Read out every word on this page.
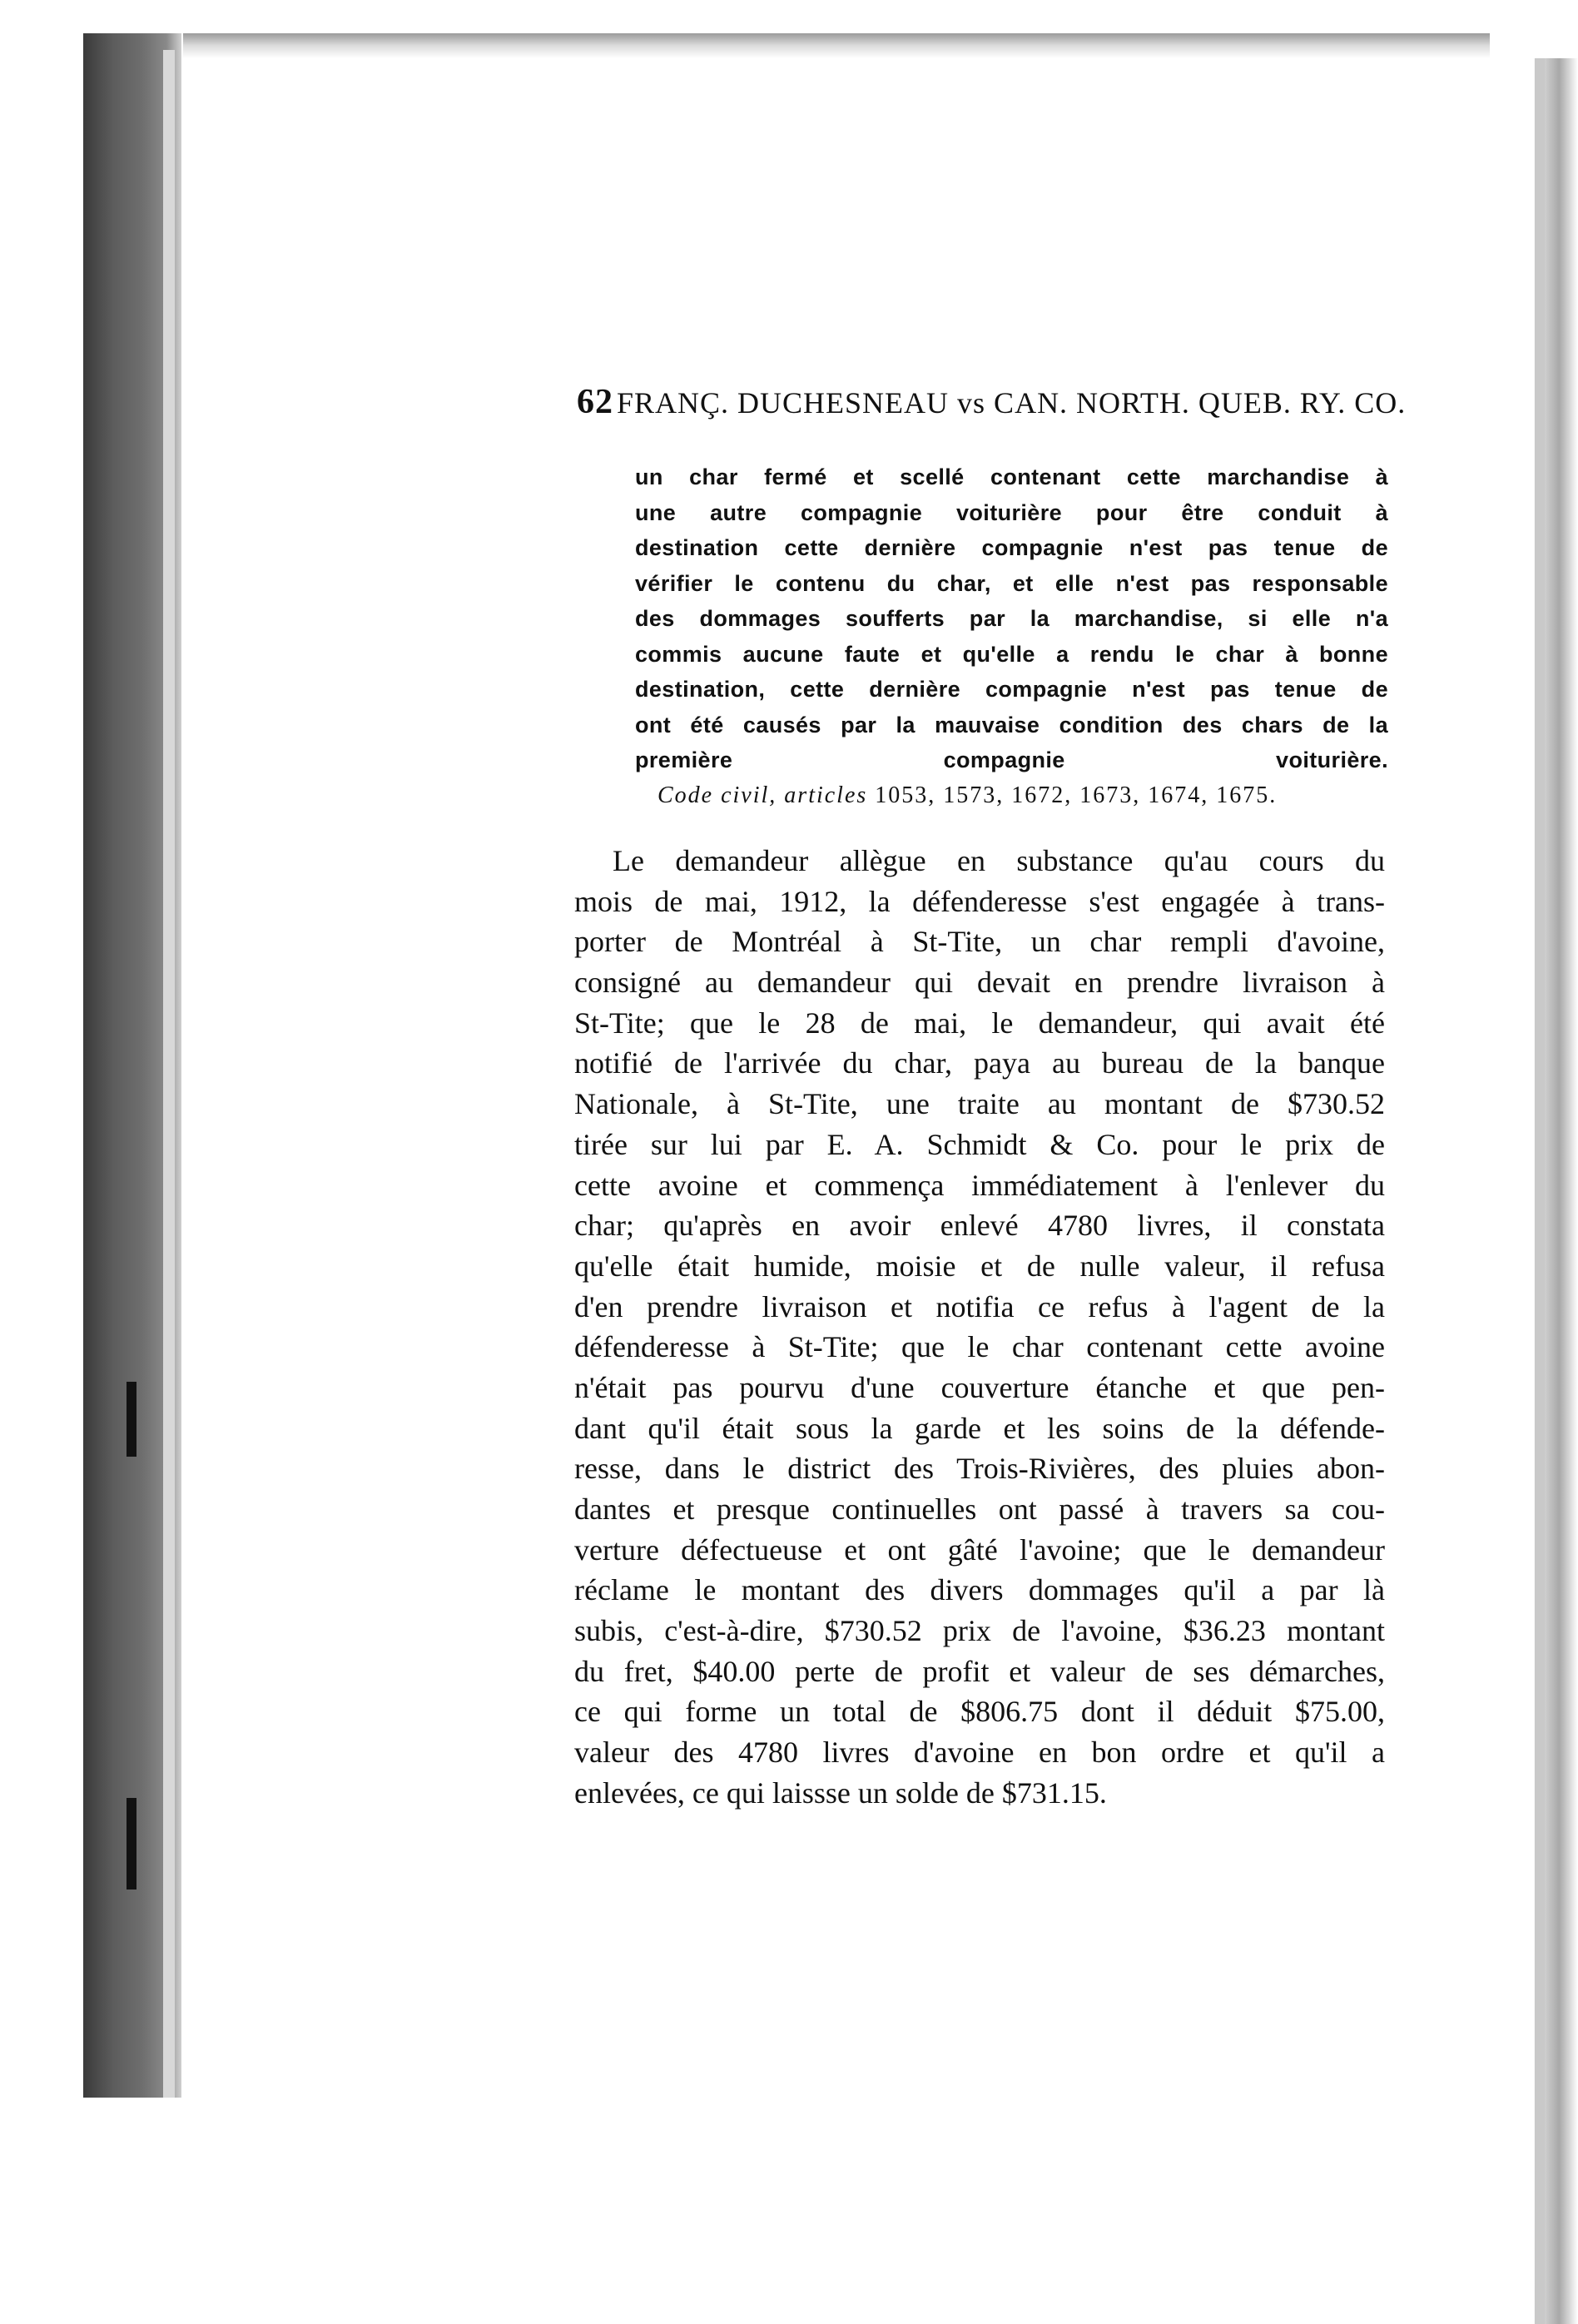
62 FRANÇ. DUCHESNEAU vs CAN. NORTH. QUEB. RY. CO.
un char fermé et scellé contenant cette marchandise à
une autre compagnie voiturière pour être conduit à
destination cette dernière compagnie n'est pas tenue de
vérifier le contenu du char, et elle n'est pas responsable
des dommages soufferts par la marchandise, si elle n'a
commis aucune faute et qu'elle a rendu le char à bonne
destination, cette dernière compagnie n'est pas tenue de
ont été causés par la mauvaise condition des chars de la
première compagnie voiturière.
Code civil, articles 1053, 1573, 1672, 1673, 1674, 1675.
Le demandeur allègue en substance qu'au cours du
mois de mai, 1912, la défenderesse s'est engagée à trans-
porter de Montréal à St-Tite, un char rempli d'avoine,
consigné au demandeur qui devait en prendre livraison à
St-Tite; que le 28 de mai, le demandeur, qui avait été
notifié de l'arrivée du char, paya au bureau de la banque
Nationale, à St-Tite, une traite au montant de $730.52
tirée sur lui par E. A. Schmidt & Co. pour le prix de
cette avoine et commença immédiatement à l'enlever du
char; qu'après en avoir enlevé 4780 livres, il constata
qu'elle était humide, moisie et de nulle valeur, il refusa
d'en prendre livraison et notifia ce refus à l'agent de la
défenderesse à St-Tite; que le char contenant cette avoine
n'était pas pourvu d'une couverture étanche et que pen-
dant qu'il était sous la garde et les soins de la défende-
resse, dans le district des Trois-Rivières, des pluies abon-
dantes et presque continuelles ont passé à travers sa cou-
verture défectueuse et ont gâté l'avoine; que le demandeur
réclame le montant des divers dommages qu'il a par là
subis, c'est-à-dire, $730.52 prix de l'avoine, $36.23 montant
du fret, $40.00 perte de profit et valeur de ses démarches,
ce qui forme un total de $806.75 dont il déduit $75.00,
valeur des 4780 livres d'avoine en bon ordre et qu'il a
enlevées, ce qui laissse un solde de $731.15.
